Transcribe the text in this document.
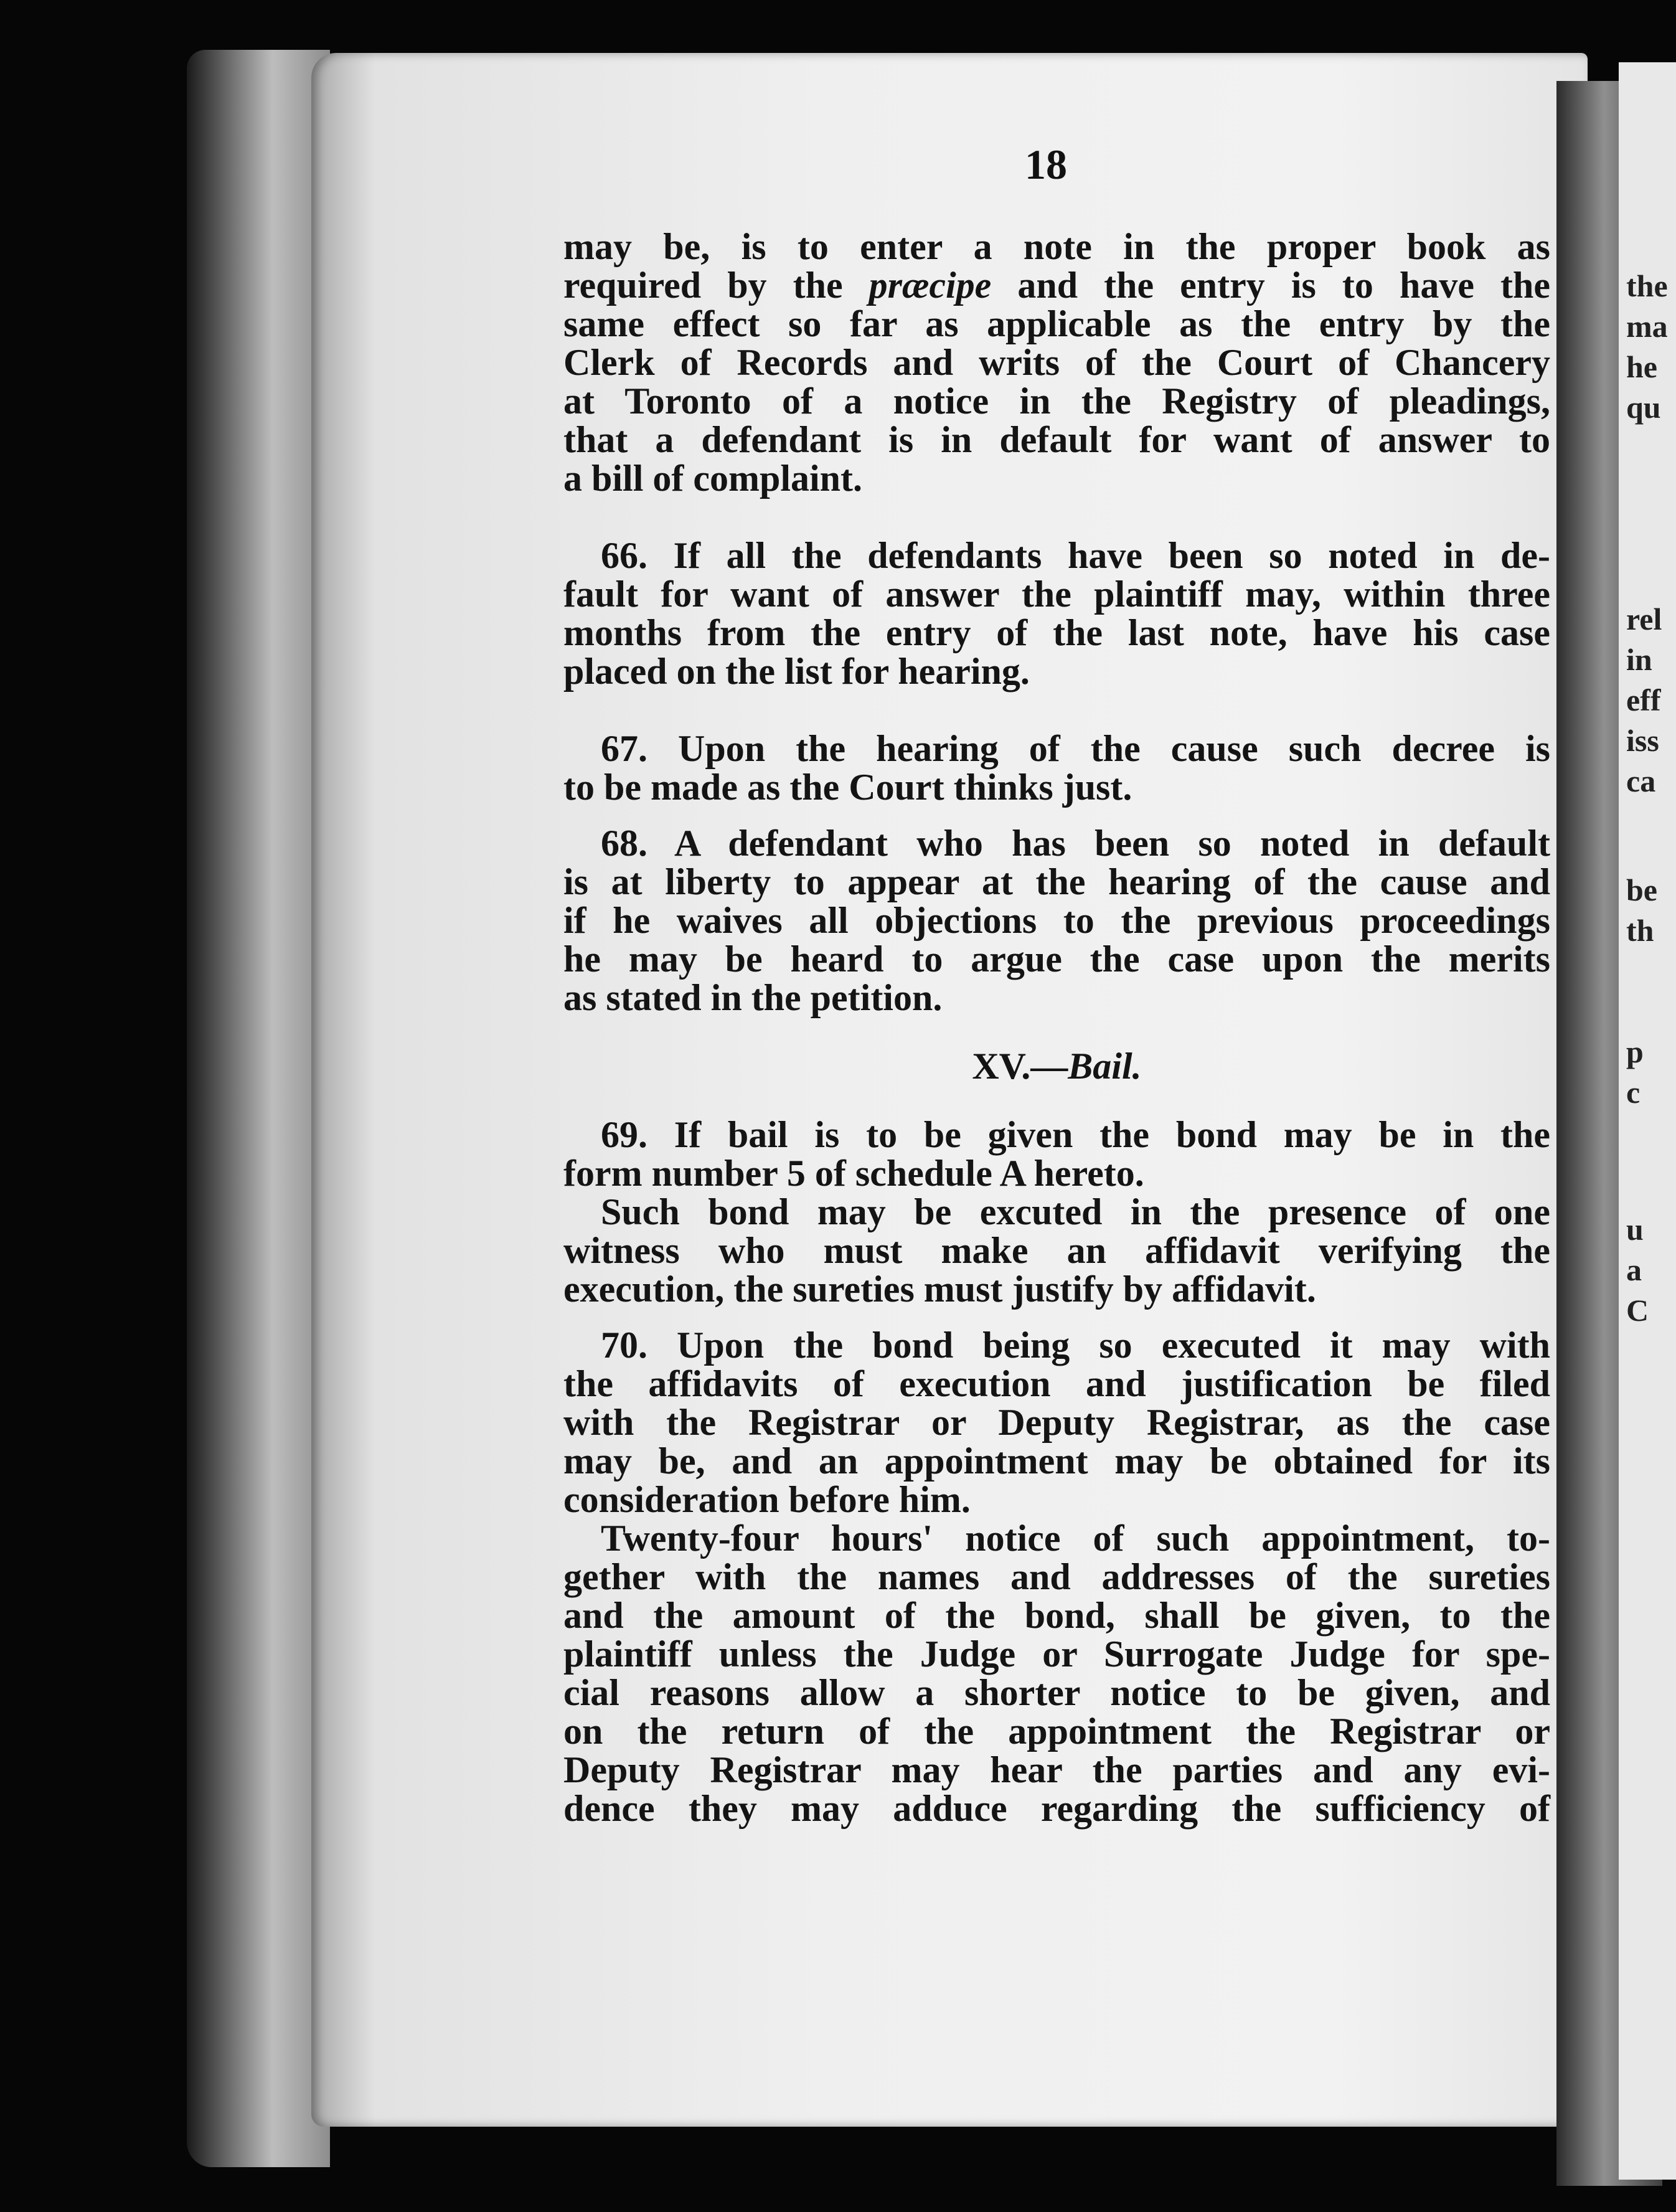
the
ma
he
qu
rel
in
eff
iss
ca
be
th
p
c
u
a
C
18

may be, is to enter a note in the proper book as
required by the præcipe and the entry is to have the
same effect so far as applicable as the entry by the
Clerk of Records and writs of the Court of Chancery
at Toronto of a notice in the Registry of pleadings,
that a defendant is in default for want of answer to
a bill of complaint.

66. If all the defendants have been so noted in de-

fault for want of answer the plaintiff may, within three
months from the entry of the last note, have his case
placed on the list for hearing.

67. Upon the hearing of the cause such decree is

to be made as the Court thinks just.

68. A defendant who has been so noted in default

is at liberty to appear at the hearing of the cause and
if he waives all objections to the previous proceedings
he may be heard to argue the case upon the merits
as stated in the petition.

XV.—Bail.

69. If bail is to be given the bond may be in the

form number 5 of schedule A hereto.

Such bond may be excuted in the presence of one

witness who must make an affidavit verifying the
execution, the sureties must justify by affidavit.

70. Upon the bond being so executed it may with

the affidavits of execution and justification be filed
with the Registrar or Deputy Registrar, as the case
may be, and an appointment may be obtained for its
consideration before him.

Twenty-four hours' notice of such appointment, to-

gether with the names and addresses of the sureties
and the amount of the bond, shall be given, to the
plaintiff unless the Judge or Surrogate Judge for spe-
cial reasons allow a shorter notice to be given, and
on the return of the appointment the Registrar or
Deputy Registrar may hear the parties and any evi-
dence they may adduce regarding the sufficiency of
